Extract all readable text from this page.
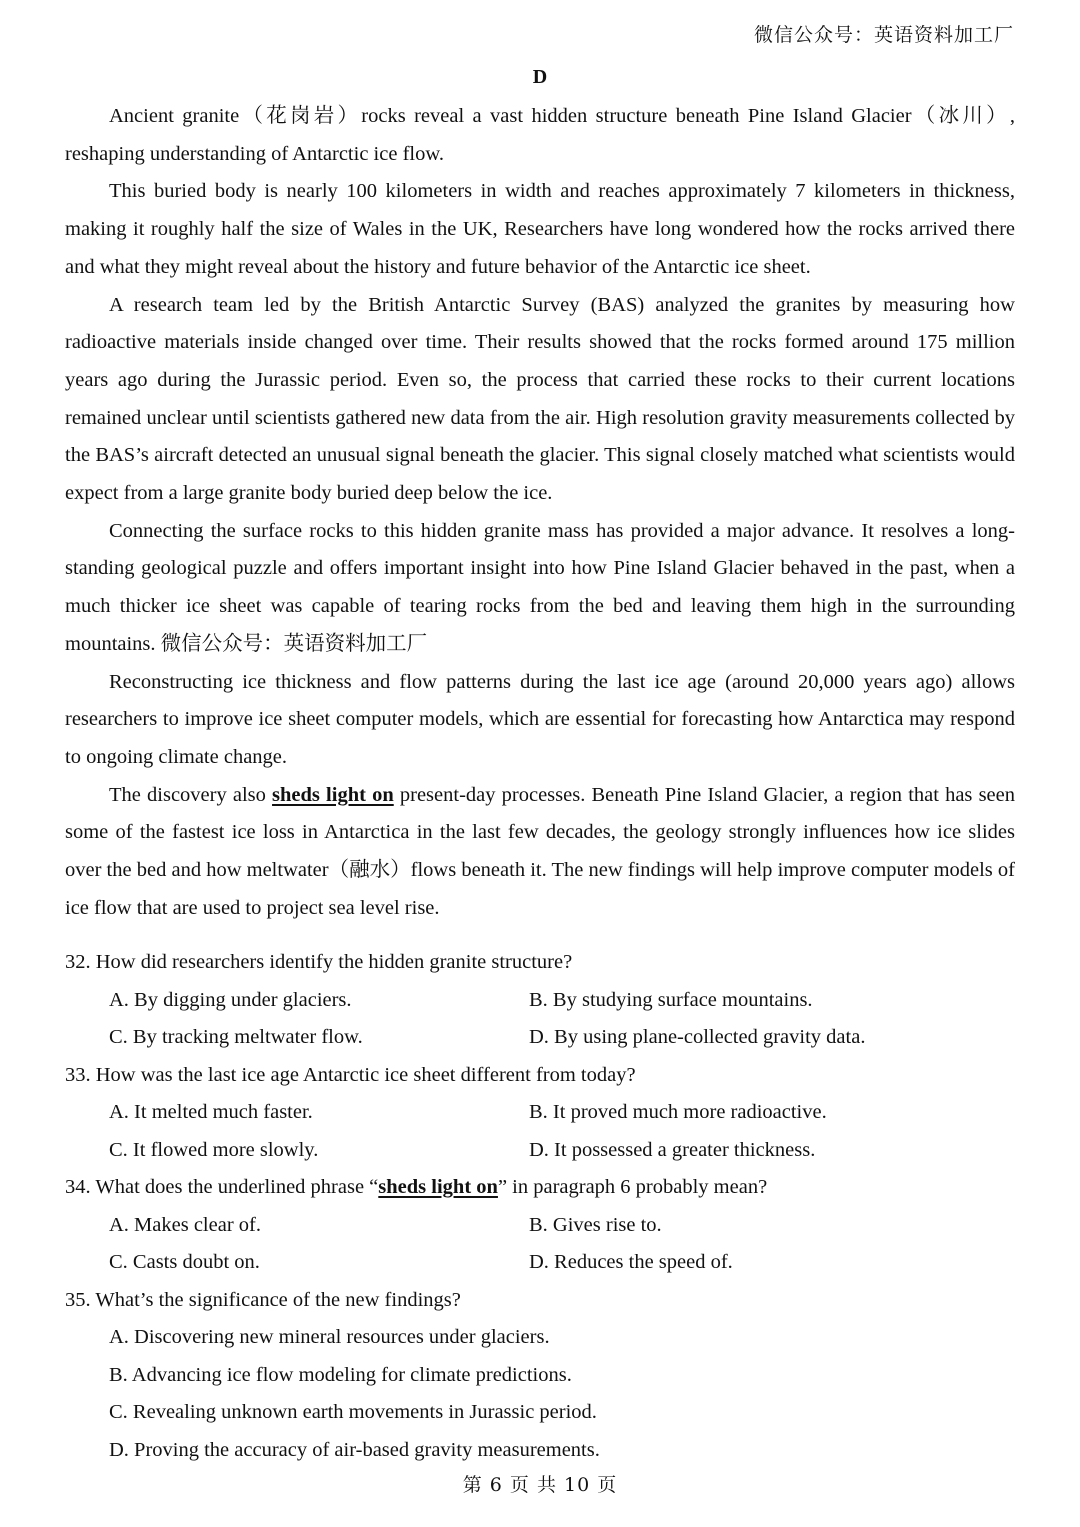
微信公众号：英语资料加工厂
D

Ancient granite（花岗岩）rocks reveal a vast hidden structure beneath Pine Island Glacier（冰川）, reshaping understanding of Antarctic ice flow.

This buried body is nearly 100 kilometers in width and reaches approximately 7 kilometers in thickness, making it roughly half the size of Wales in the UK, Researchers have long wondered how the rocks arrived there and what they might reveal about the history and future behavior of the Antarctic ice sheet.

A research team led by the British Antarctic Survey (BAS) analyzed the granites by measuring how radioactive materials inside changed over time. Their results showed that the rocks formed around 175 million years ago during the Jurassic period. Even so, the process that carried these rocks to their current locations remained unclear until scientists gathered new data from the air. High resolution gravity measurements collected by the BAS’s aircraft detected an unusual signal beneath the glacier. This signal closely matched what scientists would expect from a large granite body buried deep below the ice.

Connecting the surface rocks to this hidden granite mass has provided a major advance. It resolves a long-standing geological puzzle and offers important insight into how Pine Island Glacier behaved in the past, when a much thicker ice sheet was capable of tearing rocks from the bed and leaving them high in the surrounding mountains. 微信公众号：英语资料加工厂

Reconstructing ice thickness and flow patterns during the last ice age (around 20,000 years ago) allows researchers to improve ice sheet computer models, which are essential for forecasting how Antarctica may respond to ongoing climate change.

The discovery also sheds light on present-day processes. Beneath Pine Island Glacier, a region that has seen some of the fastest ice loss in Antarctica in the last few decades, the geology strongly influences how ice slides over the bed and how meltwater（融水）flows beneath it. The new findings will help improve computer models of ice flow that are used to project sea level rise.

32. How did researchers identify the hidden granite structure?

A. By digging under glaciers.	B. By studying surface mountains.
C. By tracking meltwater flow.	D. By using plane-collected gravity data.

33. How was the last ice age Antarctic ice sheet different from today?

A. It melted much faster.	B. It proved much more radioactive.
C. It flowed more slowly.	D. It possessed a greater thickness.

34. What does the underlined phrase “sheds light on” in paragraph 6 probably mean?

A. Makes clear of.	B. Gives rise to.
C. Casts doubt on.	D. Reduces the speed of.

35. What’s the significance of the new findings?

A. Discovering new mineral resources under glaciers.

B. Advancing ice flow modeling for climate predictions.

C. Revealing unknown earth movements in Jurassic period.

D. Proving the accuracy of air-based gravity measurements.

第 6 页 共 10 页
